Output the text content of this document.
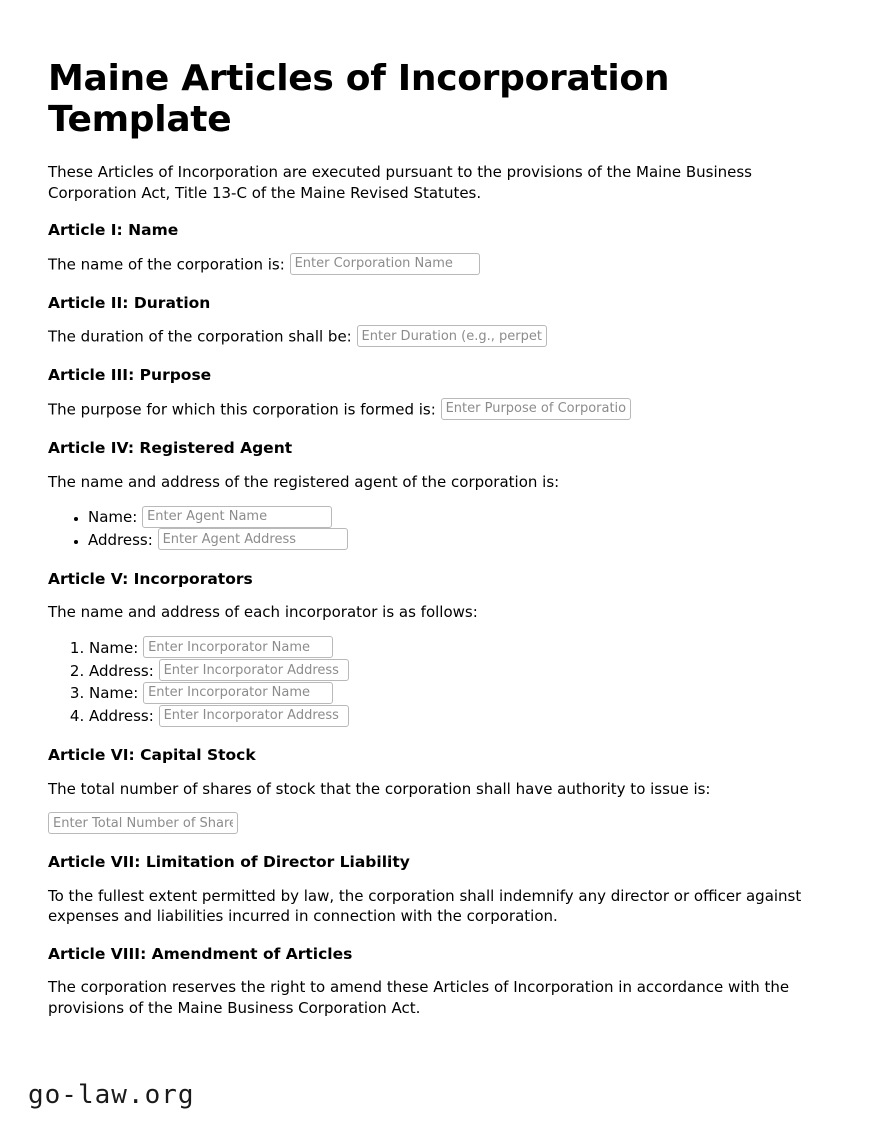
Maine Articles of Incorporation Template

These Articles of Incorporation are executed pursuant to the provisions of the Maine Business Corporation Act, Title 13-C of the Maine Revised Statutes.

Article I: Name

The name of the corporation is: Enter Corporation Name

Article II: Duration

The duration of the corporation shall be: Enter Duration (e.g., perpetual)

Article III: Purpose

The purpose for which this corporation is formed is: Enter Purpose of Corporation

Article IV: Registered Agent

The name and address of the registered agent of the corporation is:

• Name: Enter Agent Name
• Address: Enter Agent Address
Article V: Incorporators

The name and address of each incorporator is as follows:

1. Name: Enter Incorporator Name
2. Address: Enter Incorporator Address
3. Name: Enter Incorporator Name
4. Address: Enter Incorporator Address
Article VI: Capital Stock

The total number of shares of stock that the corporation shall have authority to issue is:

Enter Total Number of Shares
Article VII: Limitation of Director Liability

To the fullest extent permitted by law, the corporation shall indemnify any director or officer against expenses and liabilities incurred in connection with the corporation.

Article VIII: Amendment of Articles

The corporation reserves the right to amend these Articles of Incorporation in accordance with the provisions of the Maine Business Corporation Act.

go-law.org
